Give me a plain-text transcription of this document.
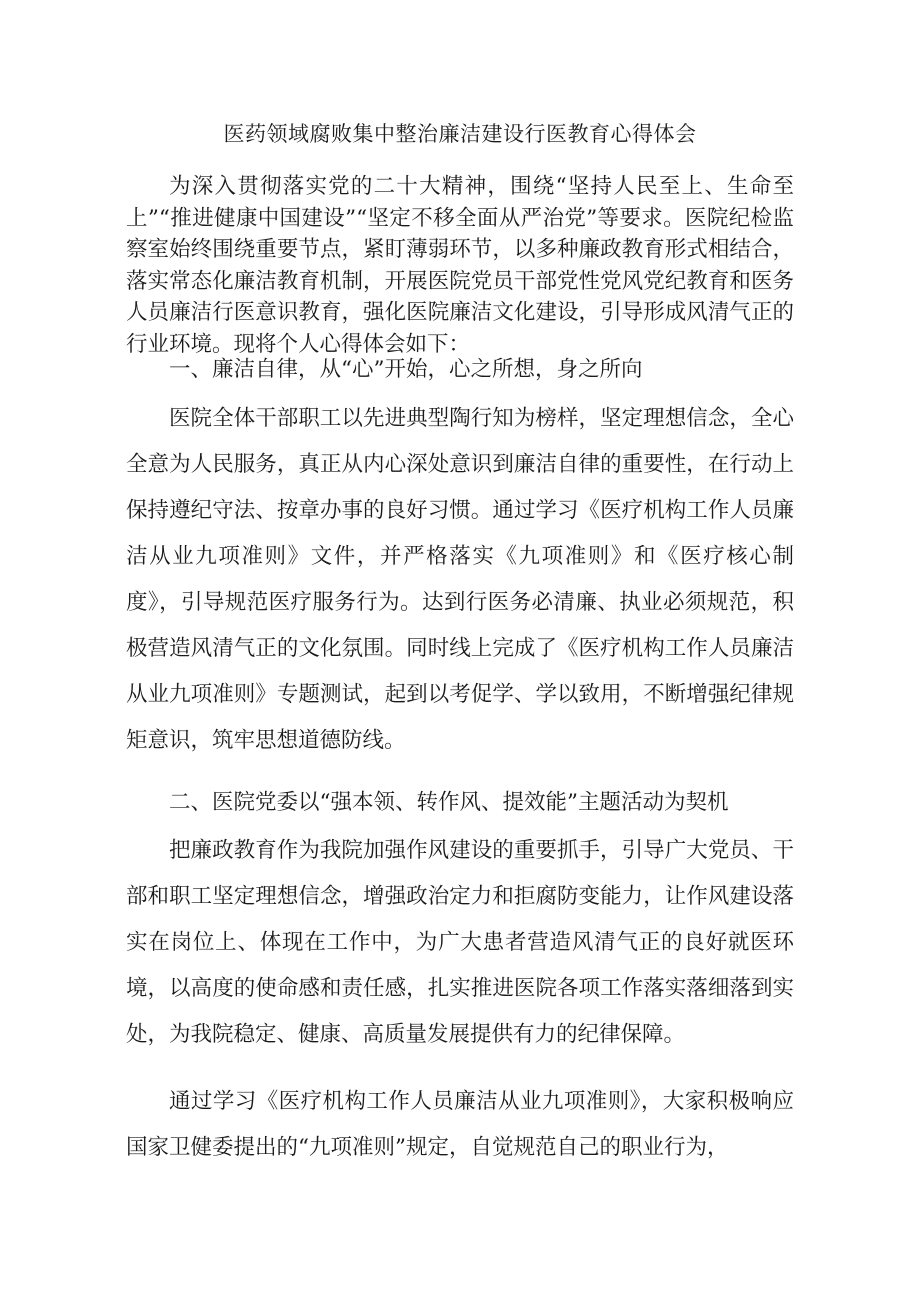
医药领域腐败集中整治廉洁建设行医教育心得体会

为深入贯彻落实党的二十大精神，围绕“坚持人民至上、生命至上”“推进健康中国建设”“坚定不移全面从严治党”等要求。医院纪检监察室始终围绕重要节点，紧盯薄弱环节，以多种廉政教育形式相结合，落实常态化廉洁教育机制，开展医院党员干部党性党风党纪教育和医务人员廉洁行医意识教育，强化医院廉洁文化建设，引导形成风清气正的行业环境。现将个人心得体会如下：

一、廉洁自律，从“心”开始，心之所想，身之所向

医院全体干部职工以先进典型陶行知为榜样，坚定理想信念，全心全意为人民服务，真正从内心深处意识到廉洁自律的重要性，在行动上保持遵纪守法、按章办事的良好习惯。通过学习《医疗机构工作人员廉洁从业九项准则》文件，并严格落实《九项准则》和《医疗核心制度》，引导规范医疗服务行为。达到行医务必清廉、执业必须规范，积极营造风清气正的文化氛围。同时线上完成了《医疗机构工作人员廉洁从业九项准则》专题测试，起到以考促学、学以致用，不断增强纪律规矩意识，筑牢思想道德防线。

二、医院党委以“强本领、转作风、提效能”主题活动为契机

把廉政教育作为我院加强作风建设的重要抓手，引导广大党员、干部和职工坚定理想信念，增强政治定力和拒腐防变能力，让作风建设落实在岗位上、体现在工作中，为广大患者营造风清气正的良好就医环境，以高度的使命感和责任感，扎实推进医院各项工作落实落细落到实处，为我院稳定、健康、高质量发展提供有力的纪律保障。

通过学习《医疗机构工作人员廉洁从业九项准则》，大家积极响应国家卫健委提出的“九项准则”规定，自觉规范自己的职业行为，
